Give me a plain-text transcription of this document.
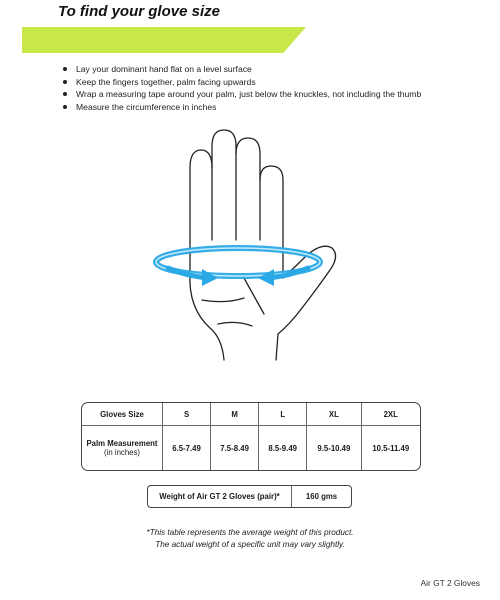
To find your glove size
Lay your dominant hand flat on a level surface
Keep the fingers together, palm facing upwards
Wrap a measuring tape around your palm, just below the knuckles, not including the thumb
Measure the circumference in inches
Gloves Size	S	M	L	XL	2XL
Palm Measurement
(in inches)	6.5-7.49	7.5-8.49	8.5-9.49	9.5-10.49	10.5-11.49
Weight of Air GT 2 Gloves (pair)*	160 gms
*This table represents the average weight of this product.
The actual weight of a specific unit may vary slightly.
Air GT 2 Gloves
